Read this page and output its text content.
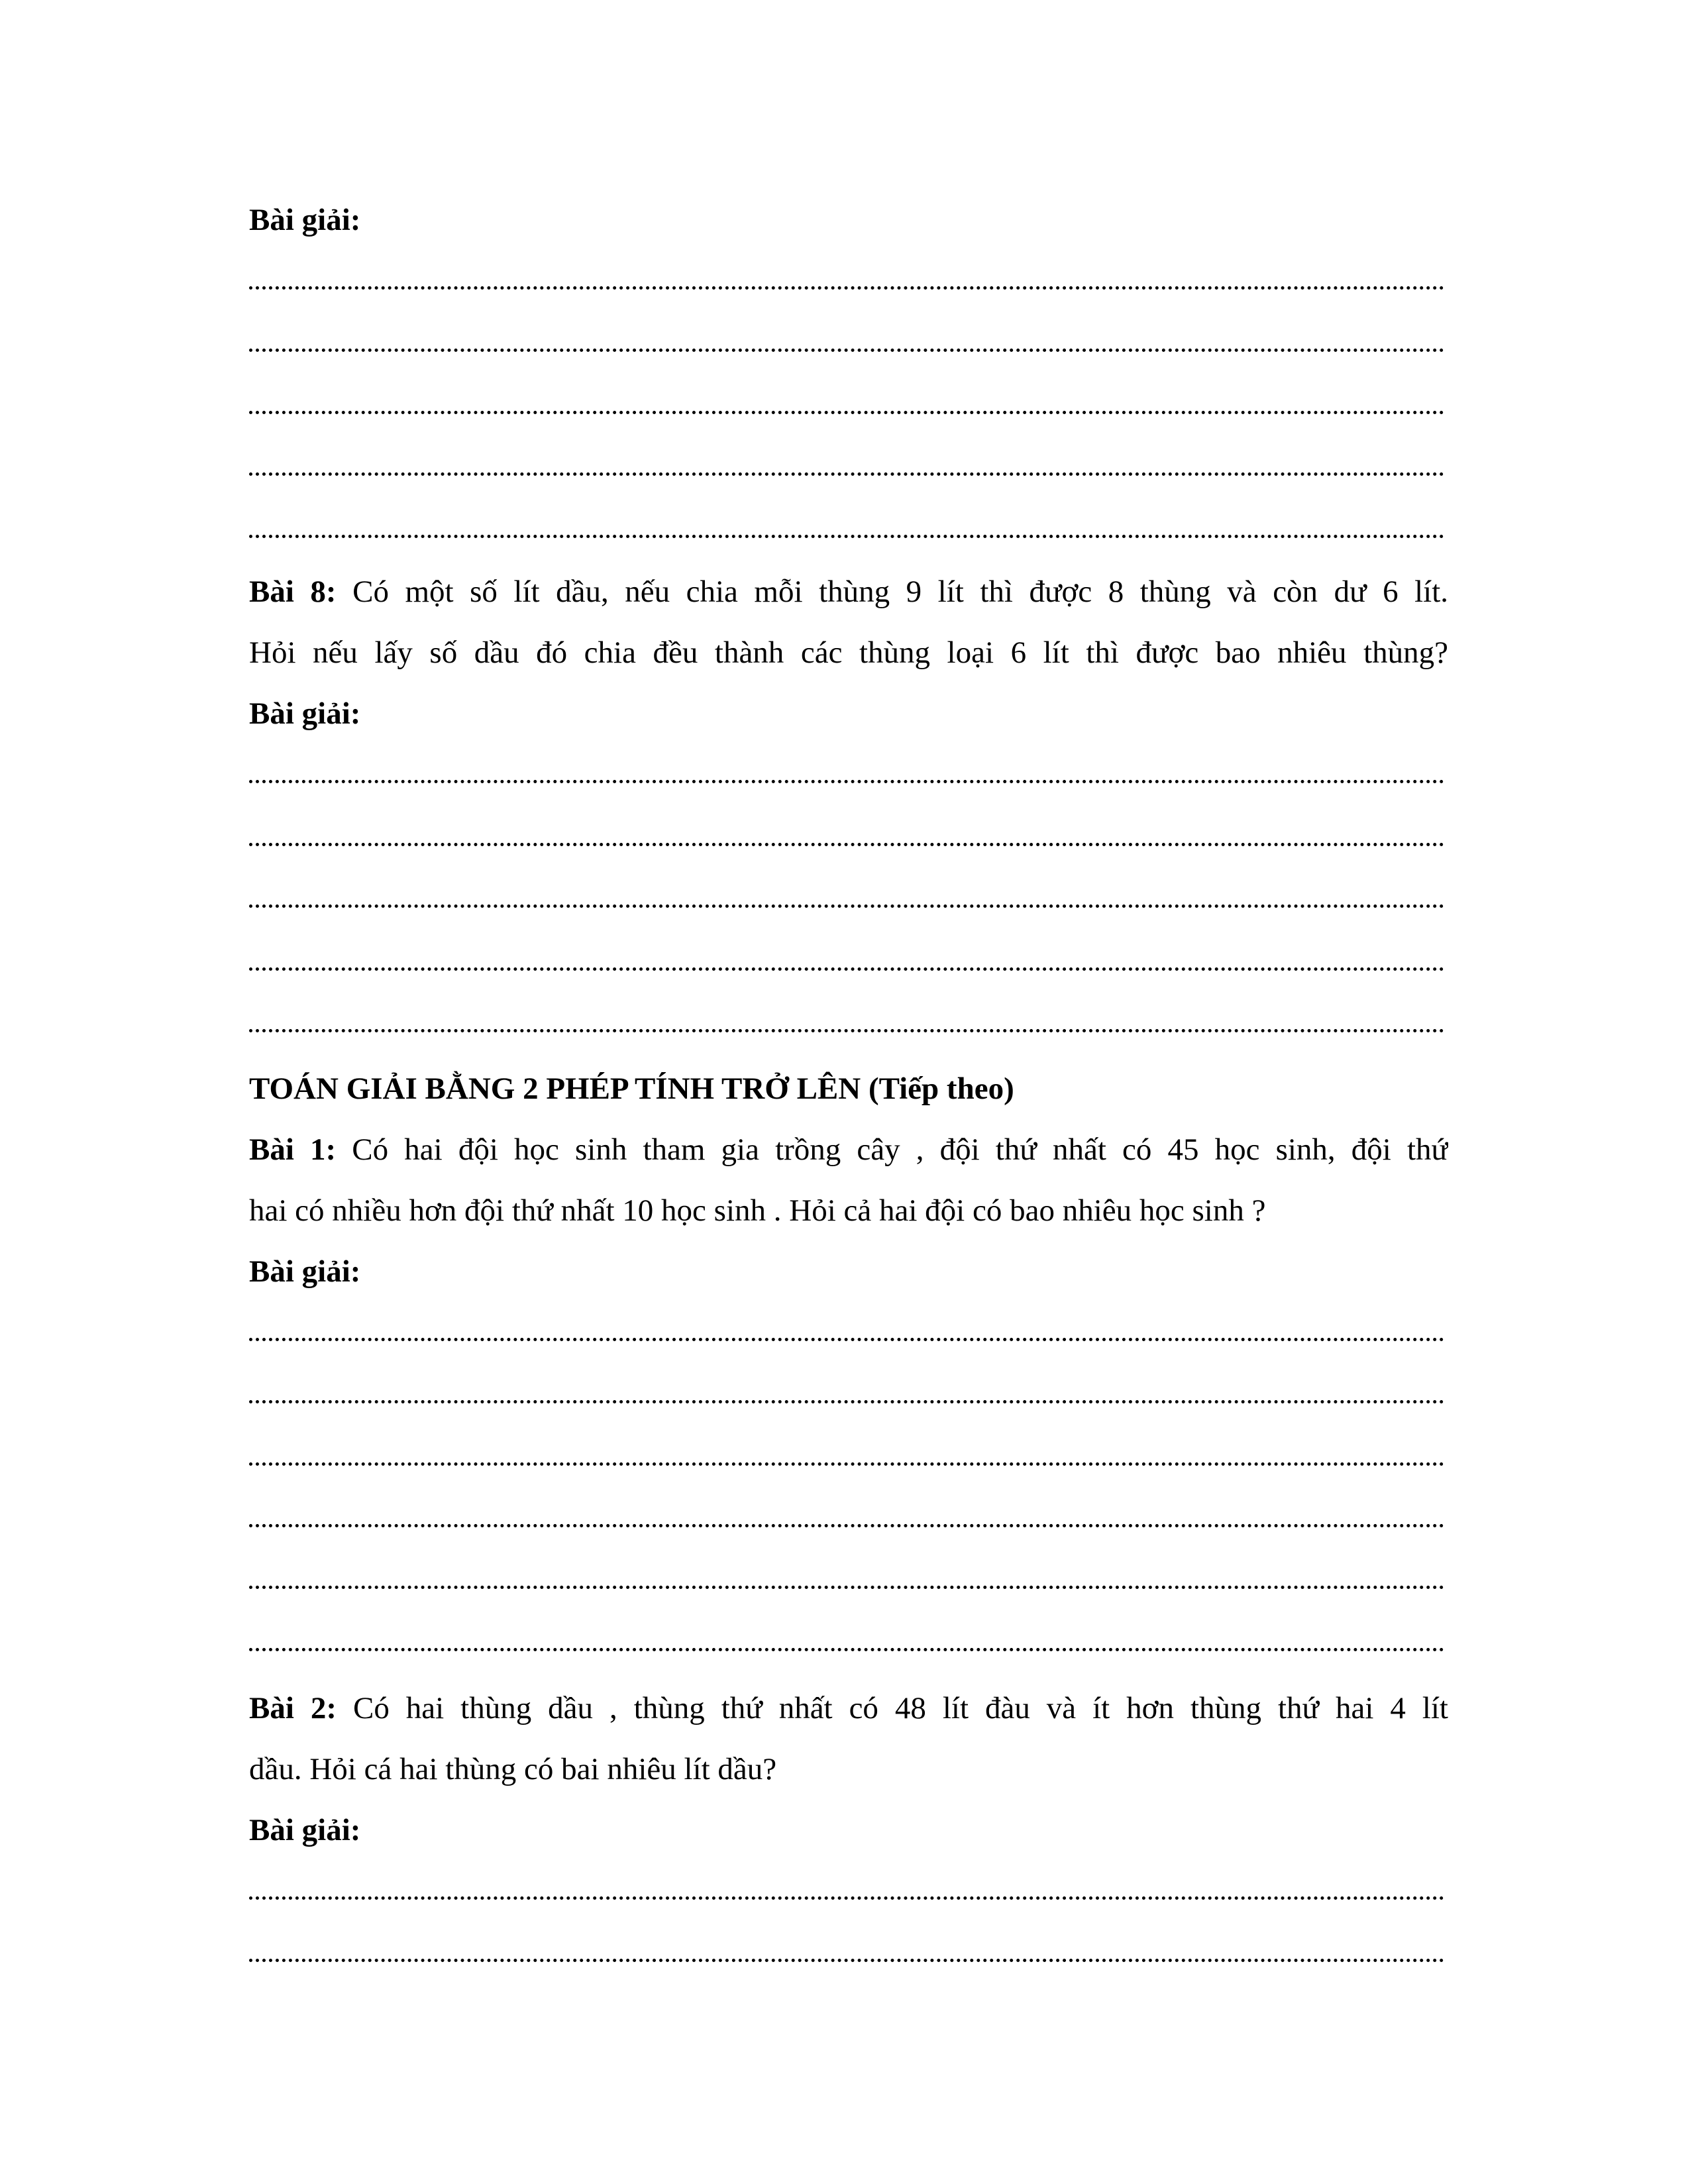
Bài giải:
Bài 8: Có một số lít dầu, nếu chia mỗi thùng 9 lít thì được 8 thùng và còn dư 6 lít.
Hỏi nếu lấy số dầu đó chia đều thành các thùng loại 6 lít thì được bao nhiêu thùng?
Bài giải:
TOÁN GIẢI BẰNG 2 PHÉP TÍNH TRỞ LÊN (Tiếp theo)
Bài 1: Có hai đội học sinh tham gia trồng cây , đội thứ nhất có 45 học sinh, đội thứ
hai có nhiều hơn đội thứ nhất 10 học sinh . Hỏi cả hai đội có bao nhiêu học sinh ?
Bài giải:
Bài 2: Có hai thùng dầu , thùng thứ nhất có 48 lít đàu và ít hơn thùng thứ hai 4 lít
dầu. Hỏi cá hai thùng có bai nhiêu lít dầu?
Bài giải:
